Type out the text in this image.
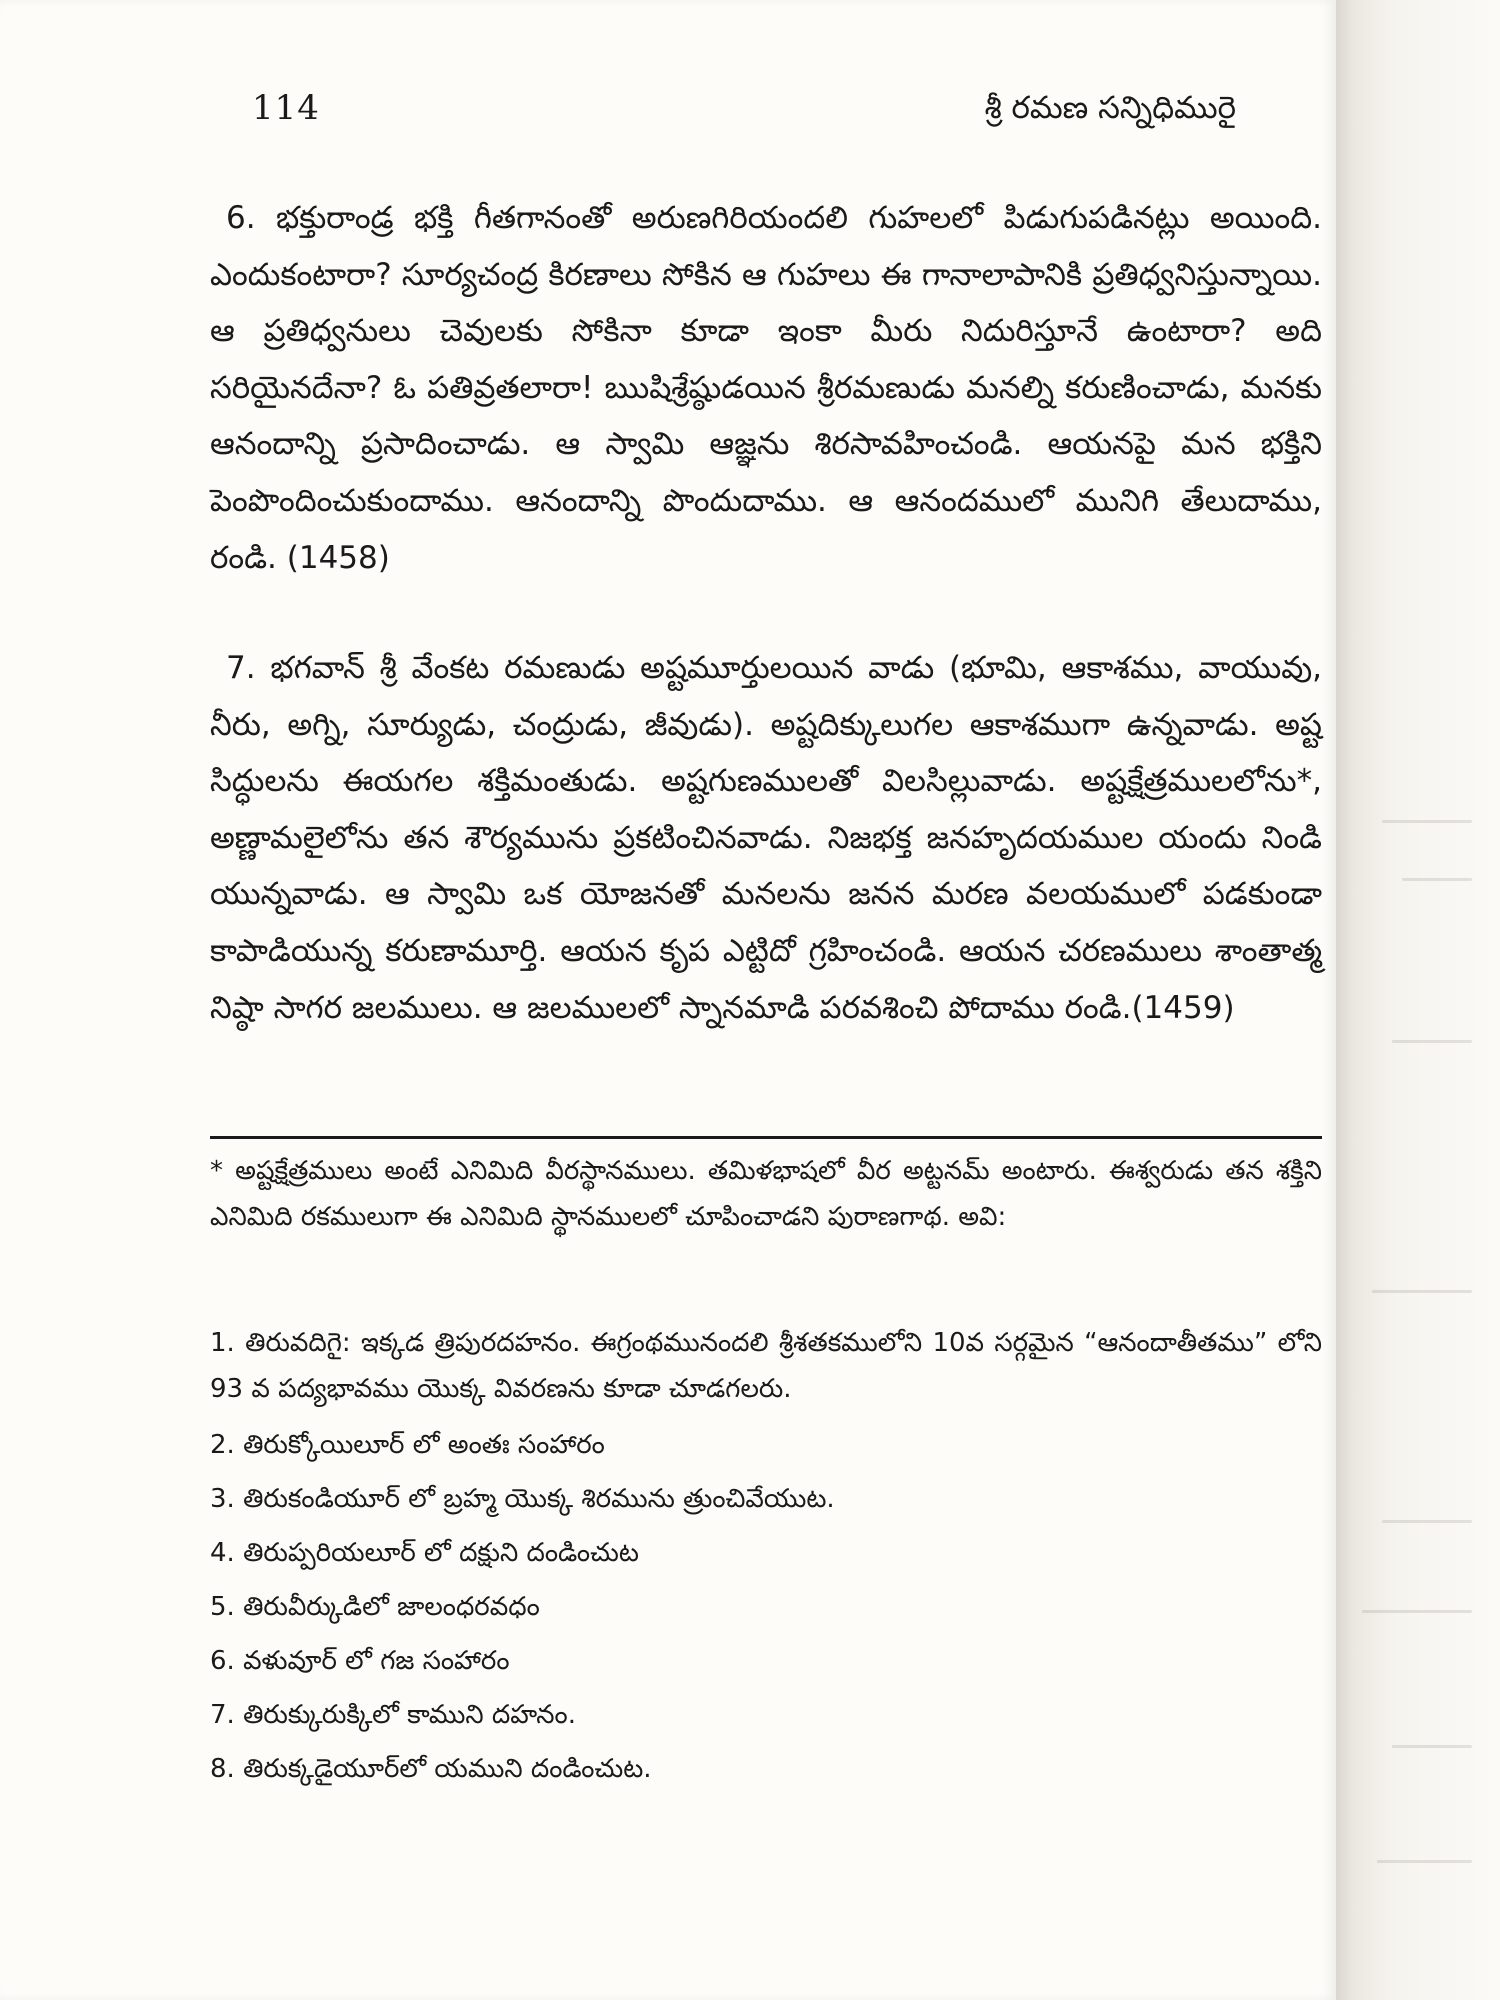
114	శ్రీ రమణ సన్నిధిమురై

6. భక్తురాండ్ర భక్తి గీతగానంతో అరుణగిరియందలి గుహలలో పిడుగుపడినట్లు అయింది. ఎందుకంటారా? సూర్యచంద్ర కిరణాలు సోకిన ఆ గుహలు ఈ గానాలాపానికి ప్రతిధ్వనిస్తున్నాయి. ఆ ప్రతిధ్వనులు చెవులకు సోకినా కూడా ఇంకా మీరు నిదురిస్తూనే ఉంటారా? అది సరియైనదేనా? ఓ పతివ్రతలారా! ఋషిశ్రేష్ఠుడయిన శ్రీరమణుడు మనల్ని కరుణించాడు, మనకు ఆనందాన్ని ప్రసాదించాడు. ఆ స్వామి ఆజ్ఞను శిరసావహించండి. ఆయనపై మన భక్తిని పెంపొందించుకుందాము. ఆనందాన్ని పొందుదాము. ఆ ఆనందములో మునిగి తేలుదాము, రండి. (1458)

7. భగవాన్ శ్రీ వేంకట రమణుడు అష్టమూర్తులయిన వాడు (భూమి, ఆకాశము, వాయువు, నీరు, అగ్ని, సూర్యుడు, చంద్రుడు, జీవుడు). అష్టదిక్కులుగల ఆకాశముగా ఉన్నవాడు. అష్ట సిద్ధులను ఈయగల శక్తిమంతుడు. అష్టగుణములతో విలసిల్లువాడు. అష్టక్షేత్రములలోను*, అణ్ణామలైలోను తన శౌర్యమును ప్రకటించినవాడు. నిజభక్త జనహృదయముల యందు నిండి యున్నవాడు. ఆ స్వామి ఒక యోజనతో మనలను జనన మరణ వలయములో పడకుండా కాపాడియున్న కరుణామూర్తి. ఆయన కృప ఎట్టిదో గ్రహించండి. ఆయన చరణములు శాంతాత్మ నిష్ఠా సాగర జలములు. ఆ జలములలో స్నానమాడి పరవశించి పోదాము రండి.(1459)

* అష్టక్షేత్రములు అంటే ఎనిమిది వీరస్థానములు. తమిళభాషలో వీర అట్టనమ్ అంటారు. ఈశ్వరుడు తన శక్తిని ఎనిమిది రకములుగా ఈ ఎనిమిది స్థానములలో చూపించాడని పురాణగాథ. అవి:

1. తిరువదిగై: ఇక్కడ త్రిపురదహనం. ఈగ్రంథమునందలి శ్రీశతకములోని 10వ సర్గమైన “ఆనందాతీతము” లోని 93 వ పద్యభావము యొక్క వివరణను కూడా చూడగలరు.
2. తిరుక్కోయిలూర్ లో అంతః సంహారం
3. తిరుకండియూర్ లో బ్రహ్మ యొక్క శిరమును త్రుంచివేయుట.
4. తిరుప్పరియలూర్ లో దక్షుని దండించుట
5. తిరువీర్కుడిలో జాలంధరవధం
6. వళువూర్ లో గజ సంహారం
7. తిరుక్కురుక్కిలో కాముని దహనం.
8. తిరుక్కడైయూర్‌లో యముని దండించుట.
